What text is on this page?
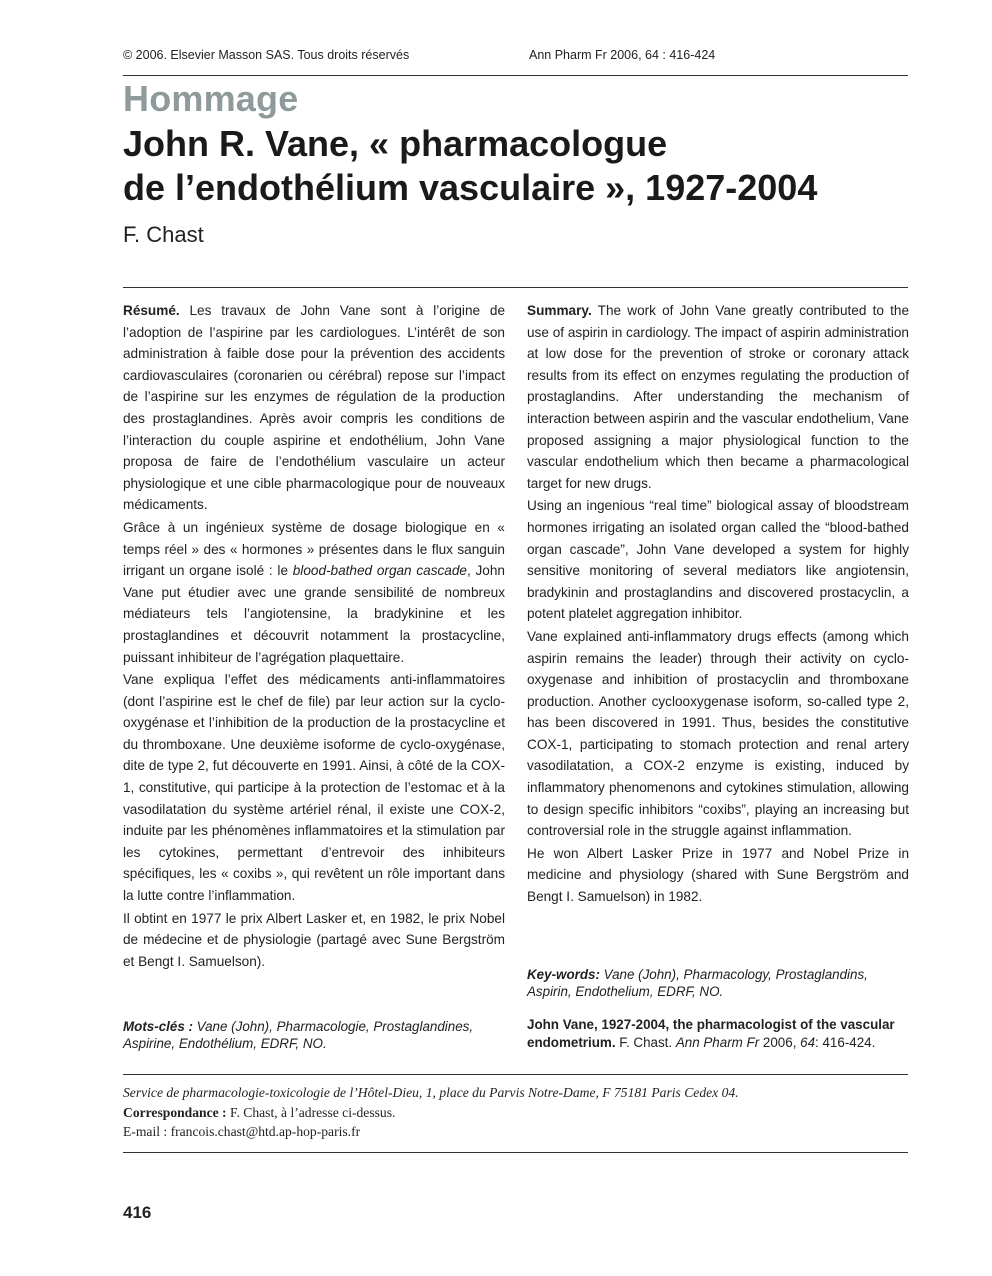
© 2006. Elsevier Masson SAS. Tous droits réservés	Ann Pharm Fr 2006, 64 : 416-424
Hommage
John R. Vane, « pharmacologue
de l’endothélium vasculaire », 1927-2004
F. Chast

Résumé. Les travaux de John Vane sont à l’origine de l’adoption de l’aspirine par les cardiologues. L’intérêt de son administration à faible dose pour la prévention des accidents cardiovasculaires (coronarien ou cérébral) repose sur l’impact de l’aspirine sur les enzymes de régulation de la production des prostaglandines. Après avoir compris les conditions de l’interaction du couple aspirine et endothélium, John Vane proposa de faire de l’endothélium vasculaire un acteur physiologique et une cible pharmacologique pour de nouveaux médicaments.

Grâce à un ingénieux système de dosage biologique en « temps réel » des « hormones » présentes dans le flux sanguin irrigant un organe isolé : le blood-bathed organ cascade, John Vane put étudier avec une grande sensibilité de nombreux médiateurs tels l’angiotensine, la bradykinine et les prostaglandines et découvrit notamment la prostacycline, puissant inhibiteur de l’agrégation plaquettaire.

Vane expliqua l’effet des médicaments anti-inflammatoires (dont l’aspirine est le chef de file) par leur action sur la cyclo-oxygénase et l’inhibition de la production de la prostacycline et du thromboxane. Une deuxième isoforme de cyclo-oxygénase, dite de type 2, fut découverte en 1991. Ainsi, à côté de la COX-1, constitutive, qui participe à la protection de l’estomac et à la vasodilatation du système artériel rénal, il existe une COX-2, induite par les phénomènes inflammatoires et la stimulation par les cytokines, permettant d’entrevoir des inhibiteurs spécifiques, les « coxibs », qui revêtent un rôle important dans la lutte contre l’inflammation.

Il obtint en 1977 le prix Albert Lasker et, en 1982, le prix Nobel de médecine et de physiologie (partagé avec Sune Bergström et Bengt I. Samuelson).

Mots-clés : Vane (John), Pharmacologie, Prostaglandines, Aspirine, Endothélium, EDRF, NO.

Summary. The work of John Vane greatly contributed to the use of aspirin in cardiology. The impact of aspirin administration at low dose for the prevention of stroke or coronary attack results from its effect on enzymes regulating the production of prostaglandins. After understanding the mechanism of interaction between aspirin and the vascular endothelium, Vane proposed assigning a major physiological function to the vascular endothelium which then became a pharmacological target for new drugs.

Using an ingenious “real time” biological assay of bloodstream hormones irrigating an isolated organ called the “blood-bathed organ cascade”, John Vane developed a system for highly sensitive monitoring of several mediators like angiotensin, bradykinin and prostaglandins and discovered prostacyclin, a potent platelet aggregation inhibitor.

Vane explained anti-inflammatory drugs effects (among which aspirin remains the leader) through their activity on cyclo-oxygenase and inhibition of prostacyclin and thromboxane production. Another cyclooxygenase isoform, so-called type 2, has been discovered in 1991. Thus, besides the constitutive COX-1, participating to stomach protection and renal artery vasodilatation, a COX-2 enzyme is existing, induced by inflammatory phenomenons and cytokines stimulation, allowing to design specific inhibitors “coxibs”, playing an increasing but controversial role in the struggle against inflammation.

He won Albert Lasker Prize in 1977 and Nobel Prize in medicine and physiology (shared with Sune Bergström and Bengt I. Samuelson) in 1982.

Key-words: Vane (John), Pharmacology, Prostaglandins, Aspirin, Endothelium, EDRF, NO.
John Vane, 1927-2004, the pharmacologist of the vascular endometrium. F. Chast. Ann Pharm Fr 2006, 64: 416-424.
Service de pharmacologie-toxicologie de l’Hôtel-Dieu, 1, place du Parvis Notre-Dame, F 75181 Paris Cedex 04.
Correspondance : F. Chast, à l’adresse ci-dessus.
E-mail : francois.chast@htd.ap-hop-paris.fr
416
